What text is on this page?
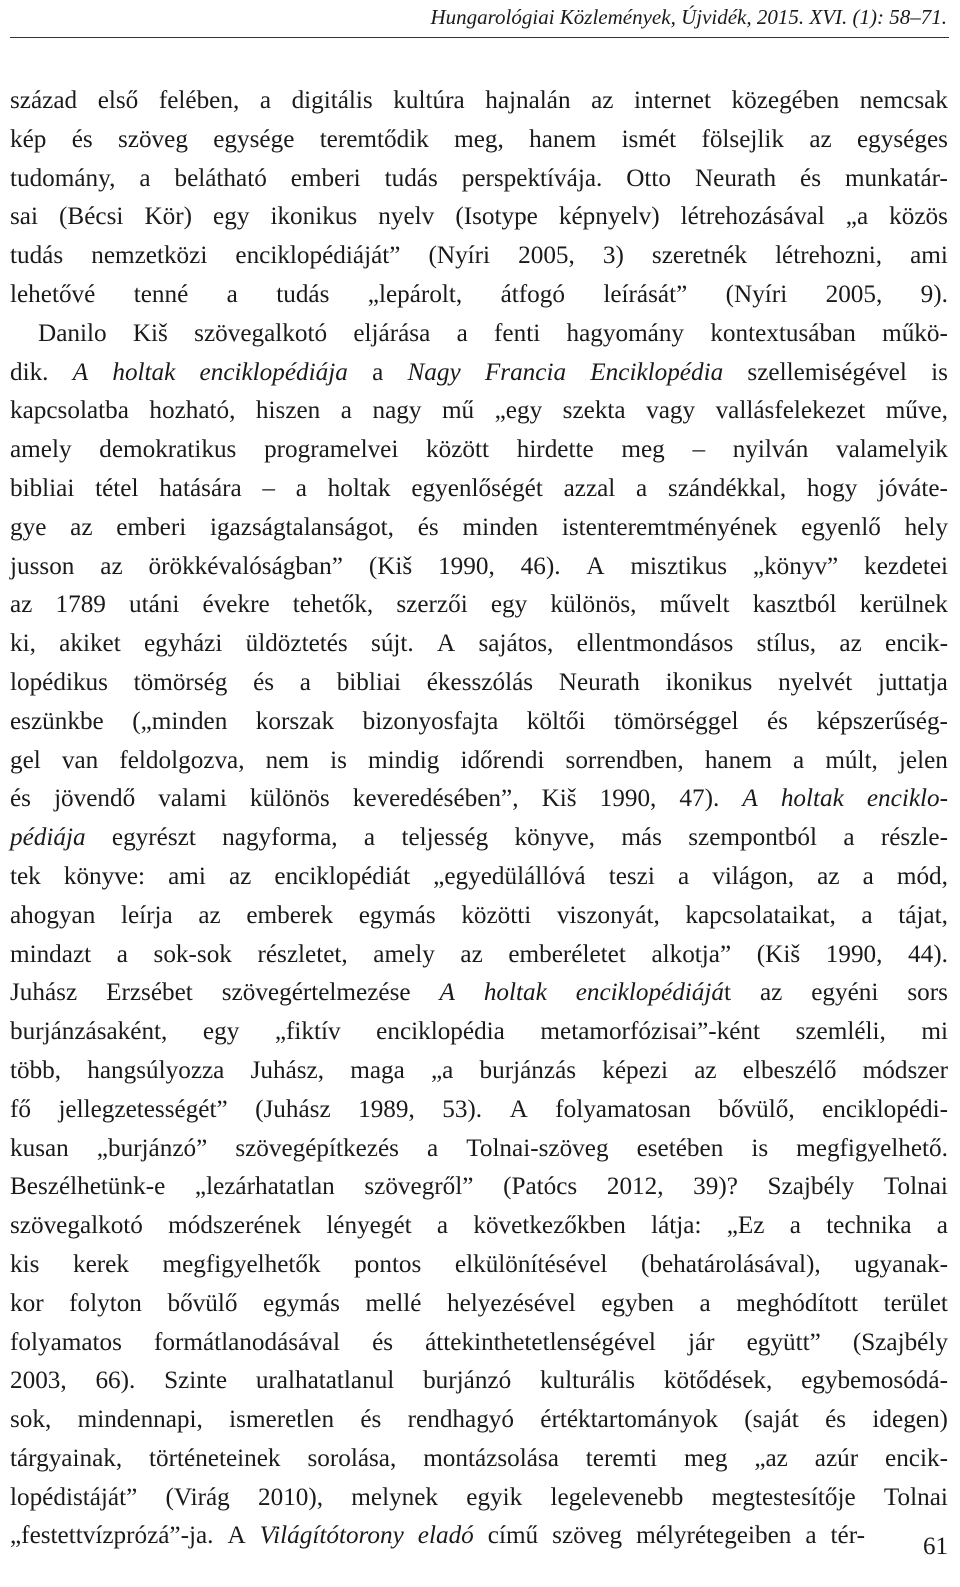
Hungarológiai Közlemények, Újvidék, 2015. XVI. (1): 58–71.
század első felében, a digitális kultúra hajnalán az internet közegében nemcsak
kép és szöveg egysége teremtődik meg, hanem ismét fölsejlik az egységes
tudomány, a belátható emberi tudás perspektívája. Otto Neurath és munkatár-
sai (Bécsi Kör) egy ikonikus nyelv (Isotype képnyelv) létrehozásával „a közös
tudás nemzetközi enciklopédiáját” (Nyíri 2005, 3) szeretnék létrehozni, ami
lehetővé tenné a tudás „lepárolt, átfogó leírását” (Nyíri 2005, 9).
Danilo Kiš szövegalkotó eljárása a fenti hagyomány kontextusában műkö-
dik. A holtak enciklopédiája a Nagy Francia Enciklopédia szellemiségével is
kapcsolatba hozható, hiszen a nagy mű „egy szekta vagy vallásfelekezet műve,
amely demokratikus programelvei között hirdette meg – nyilván valamelyik
bibliai tétel hatására – a holtak egyenlőségét azzal a szándékkal, hogy jóváte-
gye az emberi igazságtalanságot, és minden istenteremtményének egyenlő hely
jusson az örökkévalóságban” (Kiš 1990, 46). A misztikus „könyv” kezdetei
az 1789 utáni évekre tehetők, szerzői egy különös, művelt kasztból kerülnek
ki, akiket egyházi üldöztetés sújt. A sajátos, ellentmondásos stílus, az encik-
lopédikus tömörség és a bibliai ékesszólás Neurath ikonikus nyelvét juttatja
eszünkbe („minden korszak bizonyosfajta költői tömörséggel és képszerűség-
gel van feldolgozva, nem is mindig időrendi sorrendben, hanem a múlt, jelen
és jövendő valami különös keveredésében”, Kiš 1990, 47). A holtak enciklo-
pédiája egyrészt nagyforma, a teljesség könyve, más szempontból a részle-
tek könyve: ami az enciklopédiát „egyedülállóvá teszi a világon, az a mód,
ahogyan leírja az emberek egymás közötti viszonyát, kapcsolataikat, a tájat,
mindazt a sok-sok részletet, amely az emberéletet alkotja” (Kiš 1990, 44).
Juhász Erzsébet szövegértelmezése A holtak enciklopédiáját az egyéni sors
burjánzásaként, egy „fiktív enciklopédia metamorfózisai”-ként szemléli, mi
több, hangsúlyozza Juhász, maga „a burjánzás képezi az elbeszélő módszer
fő jellegzetességét” (Juhász 1989, 53). A folyamatosan bővülő, enciklopédi-
kusan „burjánzó” szövegépítkezés a Tolnai-szöveg esetében is megfigyelhető.
Beszélhetünk-e „lezárhatatlan szövegről” (Patócs 2012, 39)? Szajbély Tolnai
szövegalkotó módszerének lényegét a következőkben látja: „Ez a technika a
kis kerek megfigyelhetők pontos elkülönítésével (behatárolásával), ugyanak-
kor folyton bővülő egymás mellé helyezésével egyben a meghódított terület
folyamatos formátlanodásával és áttekinthetetlenségével jár együtt” (Szajbély
2003, 66). Szinte uralhatatlanul burjánzó kulturális kötődések, egybemosódá-
sok, mindennapi, ismeretlen és rendhagyó értéktartományok (saját és idegen)
tárgyainak, történeteinek sorolása, montázsolása teremti meg „az azúr encik-
lopédistáját” (Virág 2010), melynek egyik legelevenebb megtestesítője Tolnai
„festettvízprózá”-ja. A Világítótorony eladó című szöveg mélyrétegeiben a tér- 61
